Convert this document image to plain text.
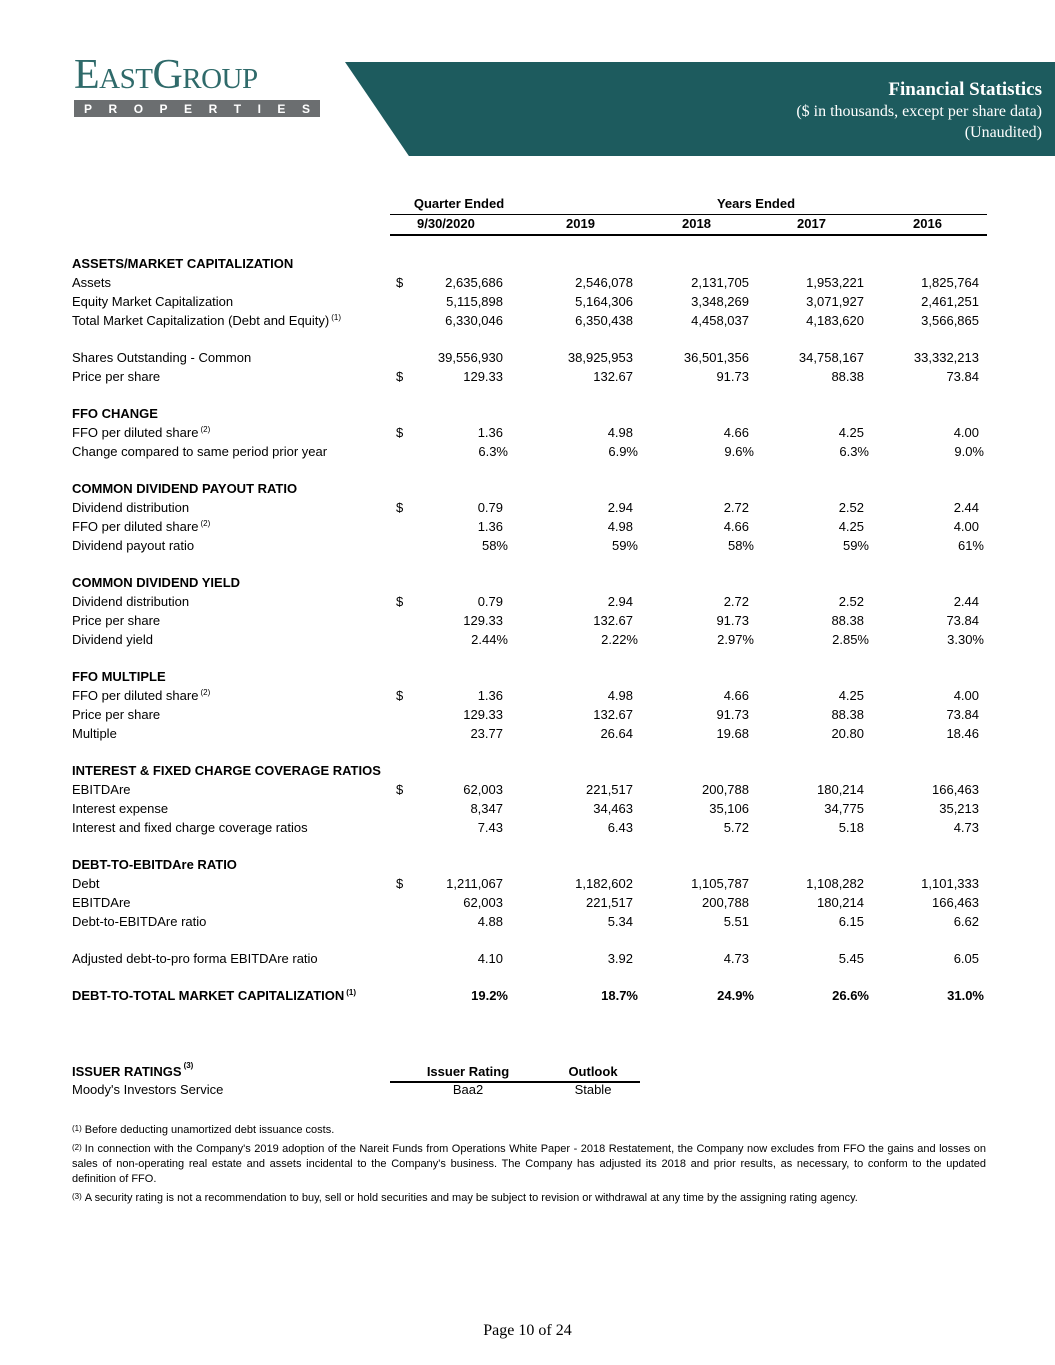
EastGroup
P R O P E R T I E S
Financial Statistics
($ in thousands, except per share data)
(Unaudited)
Quarter Ended	Years Ended
9/30/2020	2019	2018	2017	2016
ASSETS/MARKET CAPITALIZATION
Assets	$	2,635,686	2,546,078	2,131,705	1,953,221	1,825,764
Equity Market Capitalization	5,115,898	5,164,306	3,348,269	3,071,927	2,461,251
Total Market Capitalization (Debt and Equity) $^{(1)}$	6,330,046	6,350,438	4,458,037	4,183,620	3,566,865
Shares Outstanding - Common	39,556,930	38,925,953	36,501,356	34,758,167	33,332,213
Price per share	$	129.33	132.67	91.73	88.38	73.84
FFO CHANGE
FFO per diluted share $^{(2)}$	$	1.36	4.98	4.66	4.25	4.00
Change compared to same period prior year	6.3%	6.9%	9.6%	6.3%	9.0%
COMMON DIVIDEND PAYOUT RATIO
Dividend distribution	$	0.79	2.94	2.72	2.52	2.44
FFO per diluted share $^{(2)}$	1.36	4.98	4.66	4.25	4.00
Dividend payout ratio	58%	59%	58%	59%	61%
COMMON DIVIDEND YIELD
Dividend distribution	$	0.79	2.94	2.72	2.52	2.44
Price per share	129.33	132.67	91.73	88.38	73.84
Dividend yield	2.44%	2.22%	2.97%	2.85%	3.30%
FFO MULTIPLE
FFO per diluted share $^{(2)}$	$	1.36	4.98	4.66	4.25	4.00
Price per share	129.33	132.67	91.73	88.38	73.84
Multiple	23.77	26.64	19.68	20.80	18.46
INTEREST & FIXED CHARGE COVERAGE RATIOS
EBITDAre	$	62,003	221,517	200,788	180,214	166,463
Interest expense	8,347	34,463	35,106	34,775	35,213
Interest and fixed charge coverage ratios	7.43	6.43	5.72	5.18	4.73
DEBT-TO-EBITDAre RATIO
Debt	$	1,211,067	1,182,602	1,105,787	1,108,282	1,101,333
EBITDAre	62,003	221,517	200,788	180,214	166,463
Debt-to-EBITDAre ratio	4.88	5.34	5.51	6.15	6.62
Adjusted debt-to-pro forma EBITDAre ratio	4.10	3.92	4.73	5.45	6.05
DEBT-TO-TOTAL MARKET CAPITALIZATION $^{(1)}$	19.2%	18.7%	24.9%	26.6%	31.0%
ISSUER RATINGS $^{(3)}$	Issuer Rating	Outlook
Moody's Investors Service	Baa2	Stable

$^{(1)}$ Before deducting unamortized debt issuance costs.

$^{(2)}$ In connection with the Company's 2019 adoption of the Nareit Funds from Operations White Paper - 2018 Restatement, the Company now excludes from FFO the gains and losses on sales of non-operating real estate and assets incidental to the Company's business. The Company has adjusted its 2018 and prior results, as necessary, to conform to the updated definition of FFO.

$^{(3)}$ A security rating is not a recommendation to buy, sell or hold securities and may be subject to revision or withdrawal at any time by the assigning rating agency.

Page 10 of 24
